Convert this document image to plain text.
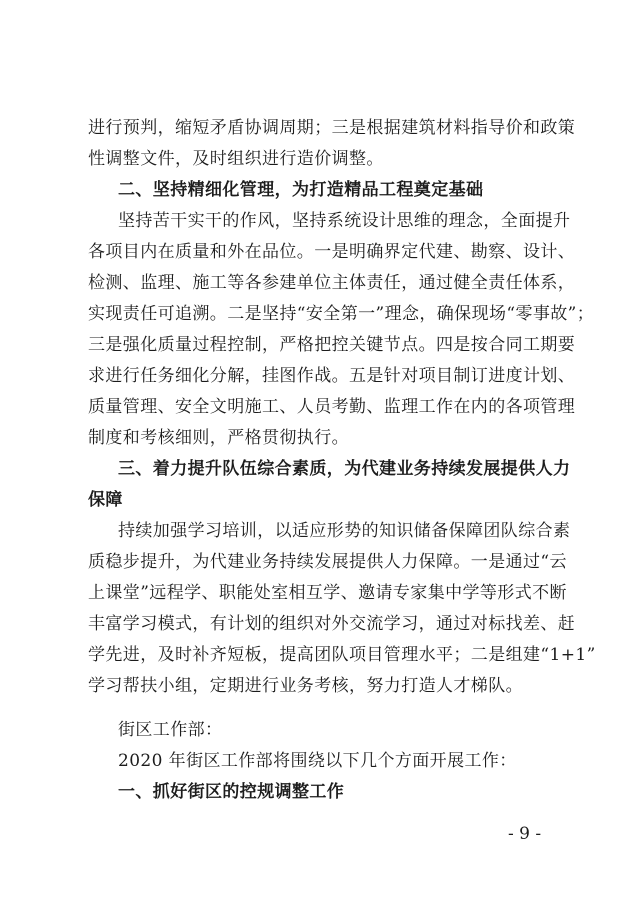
进行预判，缩短矛盾协调周期；三是根据建筑材料指导价和政策
性调整文件，及时组织进行造价调整。
二、坚持精细化管理，为打造精品工程奠定基础
坚持苦干实干的作风，坚持系统设计思维的理念，全面提升
各项目内在质量和外在品位。一是明确界定代建、勘察、设计、
检测、监理、施工等各参建单位主体责任，通过健全责任体系，
实现责任可追溯。二是坚持“安全第一”理念，确保现场“零事故”；
三是强化质量过程控制，严格把控关键节点。四是按合同工期要
求进行任务细化分解，挂图作战。五是针对项目制订进度计划、
质量管理、安全文明施工、人员考勤、监理工作在内的各项管理
制度和考核细则，严格贯彻执行。
三、着力提升队伍综合素质，为代建业务持续发展提供人力
保障
持续加强学习培训，以适应形势的知识储备保障团队综合素
质稳步提升，为代建业务持续发展提供人力保障。一是通过“云
上课堂”远程学、职能处室相互学、邀请专家集中学等形式不断
丰富学习模式，有计划的组织对外交流学习，通过对标找差、赶
学先进，及时补齐短板，提高团队项目管理水平；二是组建“1+1”
学习帮扶小组，定期进行业务考核，努力打造人才梯队。
街区工作部：
2020 年街区工作部将围绕以下几个方面开展工作：
一、抓好街区的控规调整工作
- 9 -
